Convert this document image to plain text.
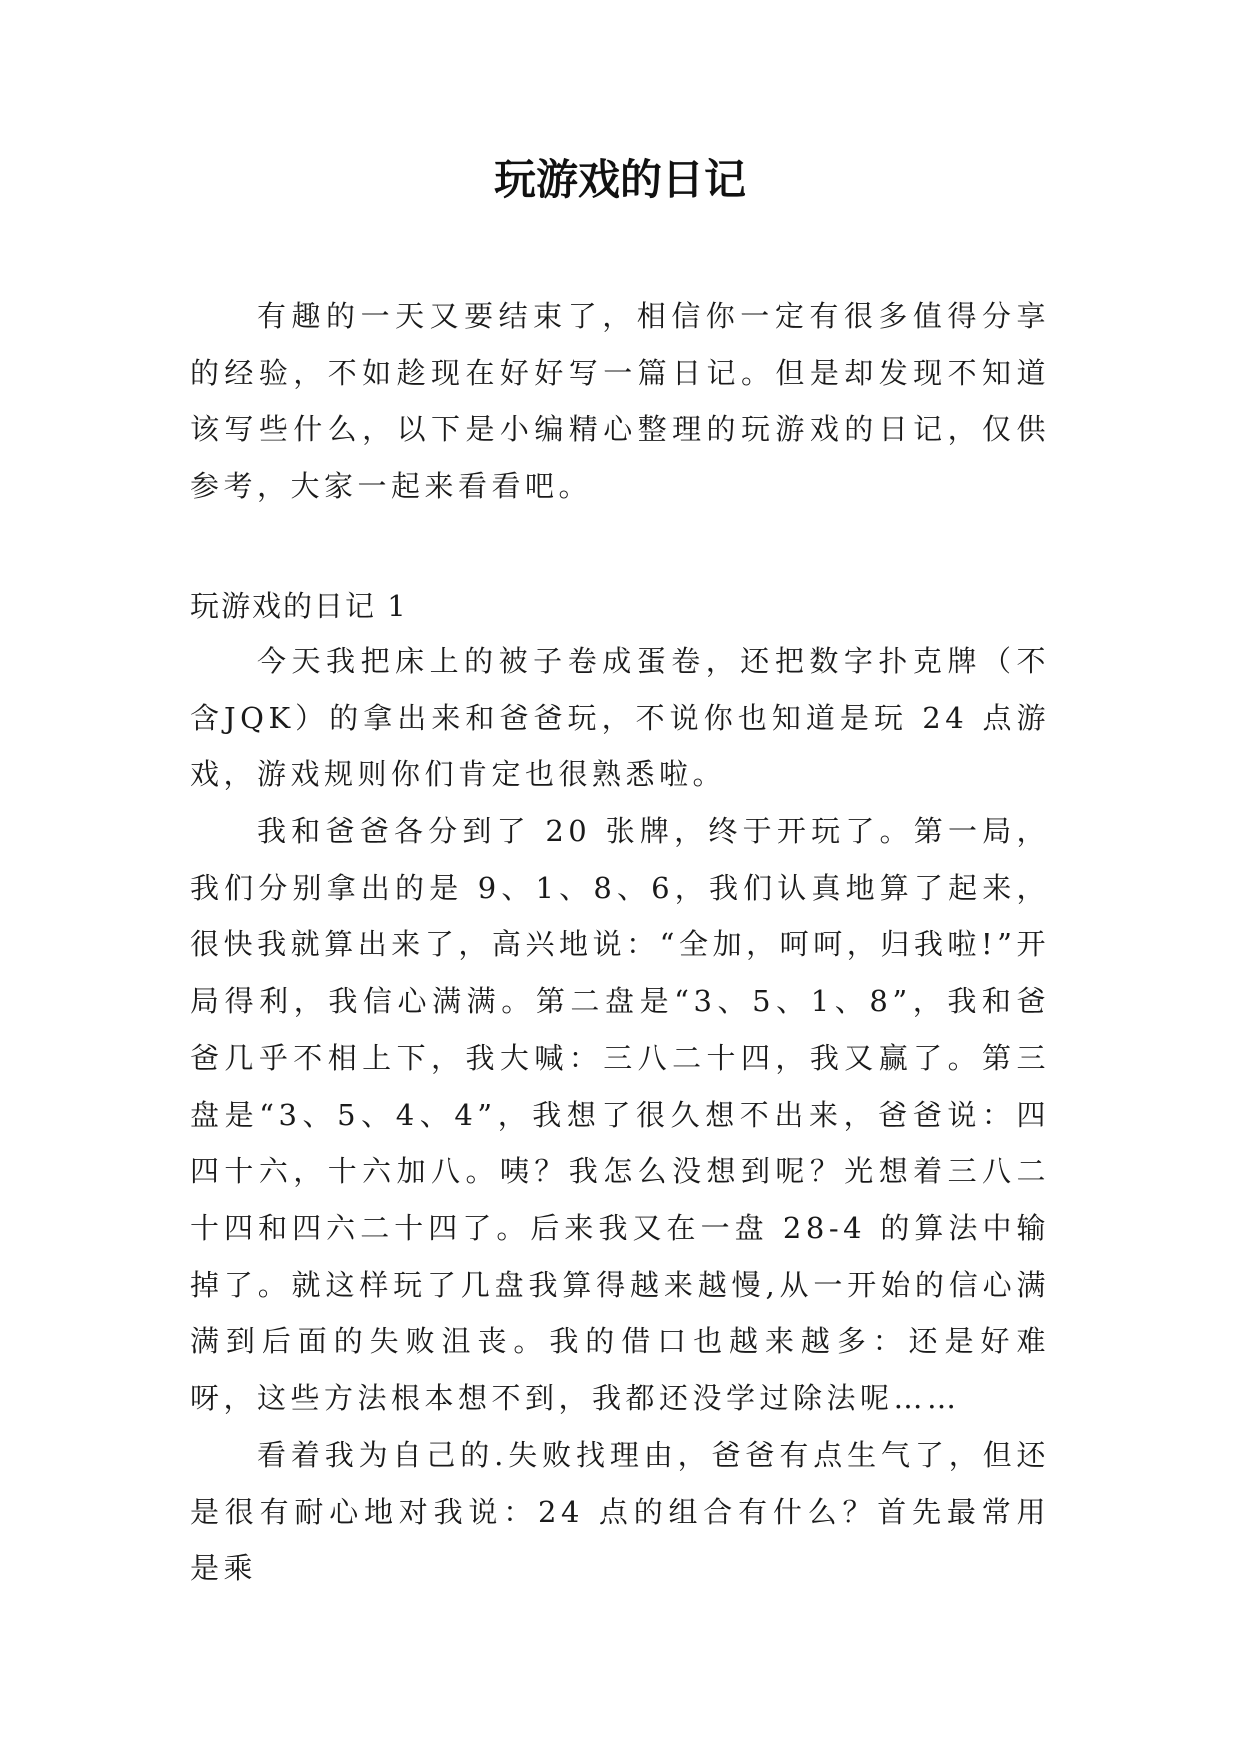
玩游戏的日记

有趣的一天又要结束了，相信你一定有很多值得分享的经验，不如趁现在好好写一篇日记。但是却发现不知道该写些什么，以下是小编精心整理的玩游戏的日记，仅供参考，大家一起来看看吧。

玩游戏的日记 1

今天我把床上的被子卷成蛋卷，还把数字扑克牌（不含JQK）的拿出来和爸爸玩，不说你也知道是玩 24 点游戏，游戏规则你们肯定也很熟悉啦。

我和爸爸各分到了 20 张牌，终于开玩了。第一局，我们分别拿出的是 9、1、8、6，我们认真地算了起来，很快我就算出来了，高兴地说：“全加，呵呵，归我啦!”开局得利，我信心满满。第二盘是“3、5、1、8”，我和爸爸几乎不相上下，我大喊：三八二十四，我又赢了。第三盘是“3、5、4、4”，我想了很久想不出来，爸爸说：四四十六，十六加八。咦？我怎么没想到呢？光想着三八二十四和四六二十四了。后来我又在一盘 28-4 的算法中输掉了。就这样玩了几盘我算得越来越慢,从一开始的信心满满到后面的失败沮丧。我的借口也越来越多：还是好难呀，这些方法根本想不到，我都还没学过除法呢……

看着我为自己的.失败找理由，爸爸有点生气了，但还是很有耐心地对我说：24 点的组合有什么？首先最常用是乘
